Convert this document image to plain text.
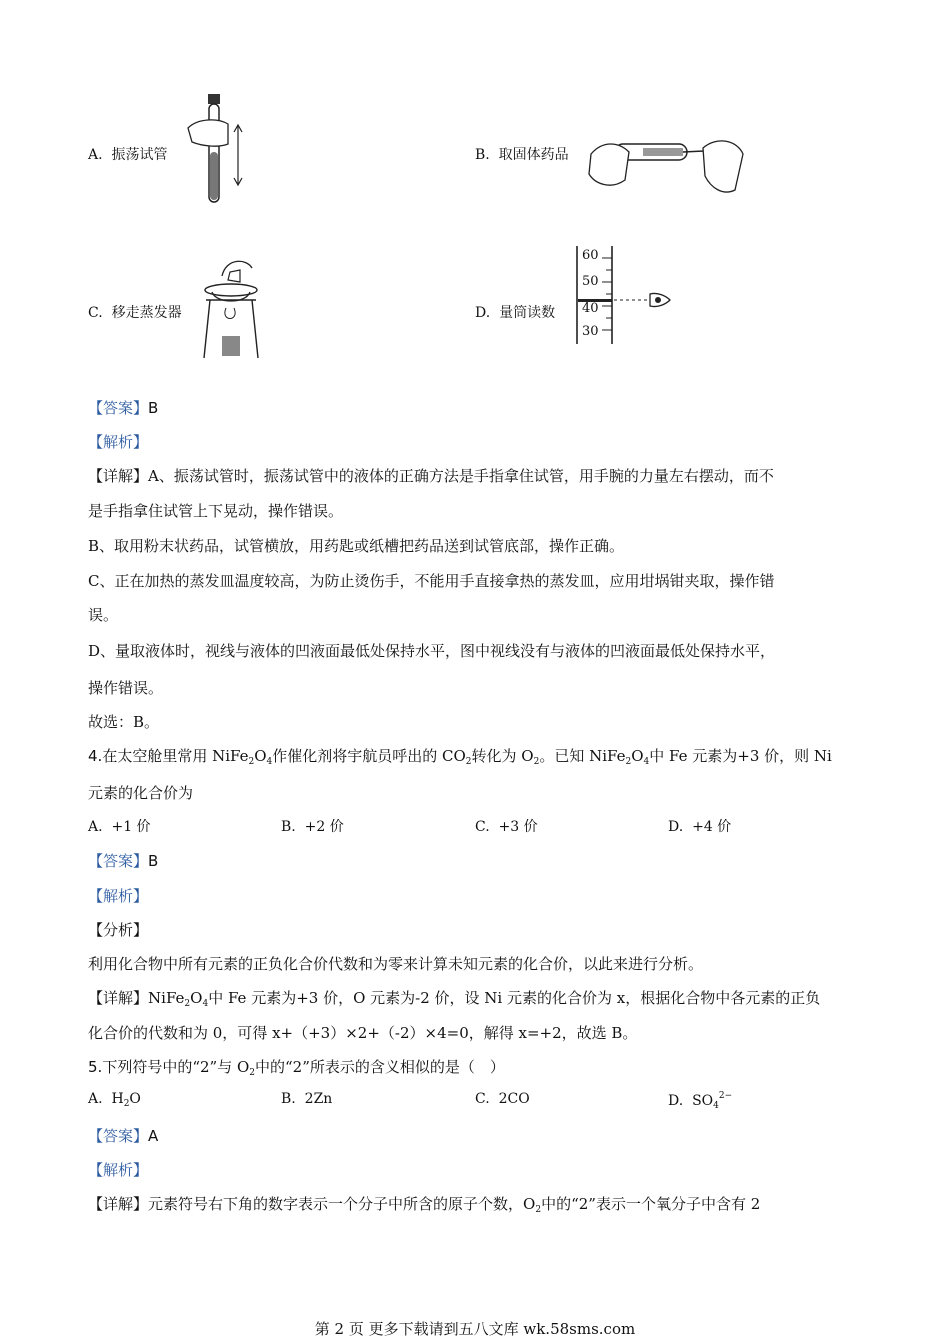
A. 振荡试管	B. 取固体药品
C. 移走蒸发器	D. 量筒读数
60
50
40
30
【答案】B
【解析】
【详解】A、振荡试管时，振荡试管中的液体的正确方法是手指拿住试管，用手腕的力量左右摆动，而不
是手指拿住试管上下晃动，操作错误。
B、取用粉末状药品，试管横放，用药匙或纸槽把药品送到试管底部，操作正确。
C、正在加热的蒸发皿温度较高，为防止烫伤手，不能用手直接拿热的蒸发皿，应用坩埚钳夹取，操作错
误。
D、量取液体时，视线与液体的凹液面最低处保持水平，图中视线没有与液体的凹液面最低处保持水平，
操作错误。
故选：B。
4.在太空舱里常用 $NiFe_2O_4$作催化剂将宇航员呼出的 $CO_2$转化为 $O_2$。已知 $NiFe_2O_4$中 Fe 元素为+3 价，则 Ni
元素的化合价为
A. +1 价	B. +2 价	C. +3 价	D. +4 价
【答案】B
【解析】
【分析】
利用化合物中所有元素的正负化合价代数和为零来计算未知元素的化合价，以此来进行分析。
【详解】$NiFe_2O_4$中 Fe 元素为+3 价，O 元素为-2 价，设 Ni 元素的化合价为 x，根据化合物中各元素的正负
化合价的代数和为 0，可得 x+（+3）×2+（-2）×4=0，解得 x=+2，故选 B。
5.下列符号中的“2”与 $O_2$中的“2”所表示的含义相似的是（　）
A. $H_2O$	B. 2Zn	C. 2CO	D. $SO_4^{2-}$
【答案】A
【解析】
【详解】元素符号右下角的数字表示一个分子中所含的原子个数，$O_2$中的“2”表示一个氧分子中含有 2
第 2 页 更多下载请到五八文库 wk.58sms.com
